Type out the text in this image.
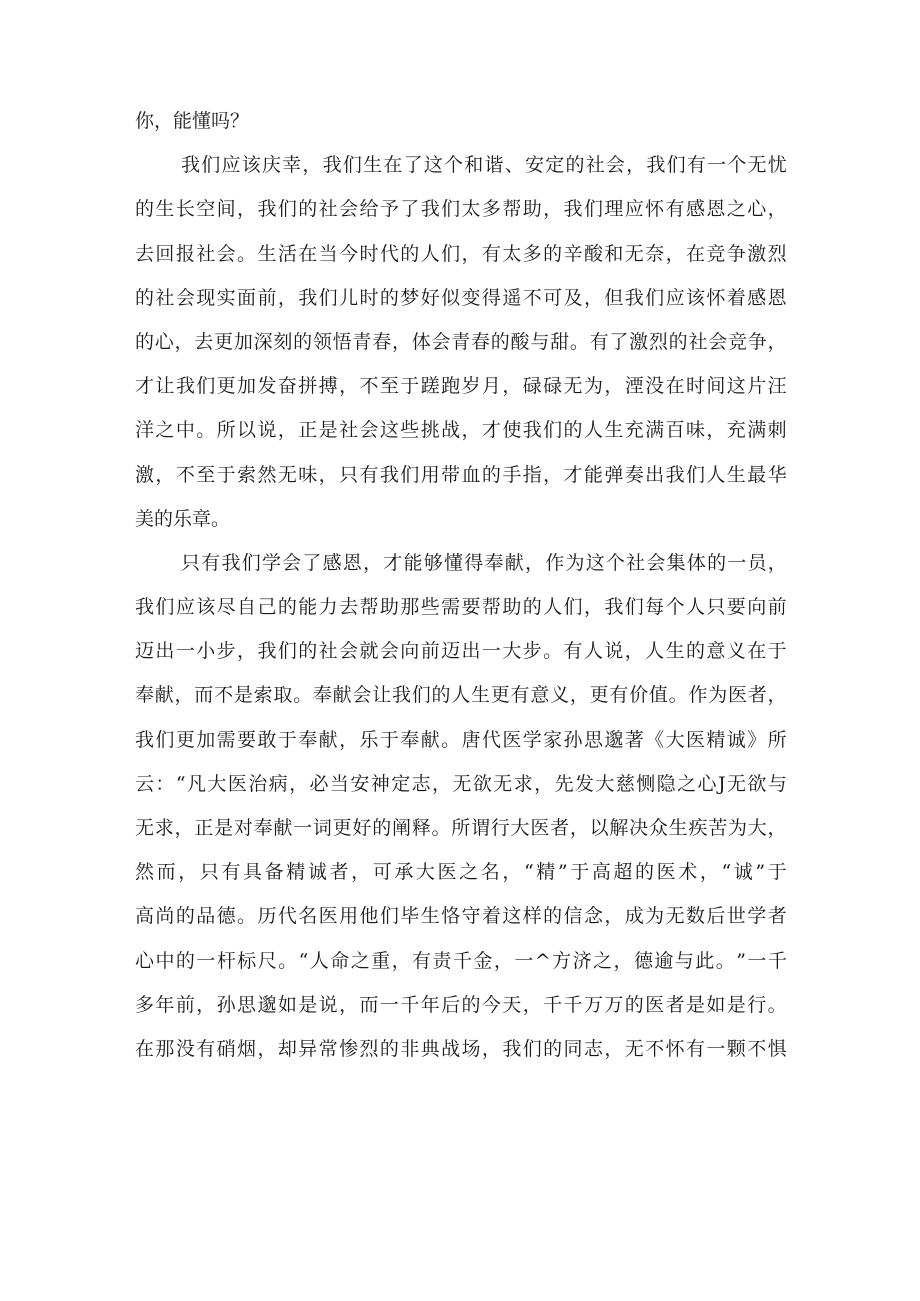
你，能懂吗？
我 们 应 该 庆 幸 ， 我 们 生 在 了 这 个 和 谐 、 安 定 的 社 会 ， 我 们 有 一 个 无 忧
的 生 长 空 间 ， 我 们 的 社 会 给 予 了 我 们 太 多 帮 助 ， 我 们 理 应 怀 有 感 恩 之 心 ，
去 回 报 社 会 。 生 活 在 当 今 时 代 的 人 们 ， 有 太 多 的 辛 酸 和 无 奈 ， 在 竞 争 激 烈
的 社 会 现 实 面 前 ， 我 们 儿 时 的 梦 好 似 变 得 遥 不 可 及 ， 但 我 们 应 该 怀 着 感 恩
的 心 ， 去 更 加 深 刻 的 领 悟 青 春 ， 体 会 青 春 的 酸 与 甜 。 有 了 激 烈 的 社 会 竞 争 ，
才 让 我 们 更 加 发 奋 拼 搏 ， 不 至 于 蹉 跑 岁 月 ， 碌 碌 无 为 ， 湮 没 在 时 间 这 片 汪
洋 之 中 。 所 以 说 ， 正 是 社 会 这 些 挑 战 ， 才 使 我 们 的 人 生 充 满 百 味 ， 充 满 刺
激 ， 不 至 于 索 然 无 味 ， 只 有 我 们 用 带 血 的 手 指 ， 才 能 弹 奏 出 我 们 人 生 最 华
美的乐章。
只 有 我 们 学 会 了 感 恩 ， 才 能 够 懂 得 奉 献 ， 作 为 这 个 社 会 集 体 的 一 员 ，
我 们 应 该 尽 自 己 的 能 力 去 帮 助 那 些 需 要 帮 助 的 人 们 ， 我 们 每 个 人 只 要 向 前
迈 出 一 小 步 ， 我 们 的 社 会 就 会 向 前 迈 出 一 大 步 。 有 人 说 ， 人 生 的 意 义 在 于
奉 献 ， 而 不 是 索 取 。 奉 献 会 让 我 们 的 人 生 更 有 意 义 ， 更 有 价 值 。 作 为 医 者 ，
我 们 更 加 需 要 敢 于 奉 献 ， 乐 于 奉 献 。 唐 代 医 学 家 孙 思 邈 著 《 大 医 精 诚 》 所
云 ： “ 凡 大 医 治 病 ， 必 当 安 神 定 志 ， 无 欲 无 求 ， 先 发 大 慈 恻 隐 之 心 J 无 欲 与
无 求 ， 正 是 对 奉 献 一 词 更 好 的 阐 释 。 所 谓 行 大 医 者 ， 以 解 决 众 生 疾 苦 为 大 ，
然 而 ， 只 有 具 备 精 诚 者 ， 可 承 大 医 之 名 ， “ 精 ” 于 高 超 的 医 术 ， “ 诚 ” 于
高 尚 的 品 德 。 历 代 名 医 用 他 们 毕 生 恪 守 着 这 样 的 信 念 ， 成 为 无 数 后 世 学 者
心 中 的 一 杆 标 尺 。 “ 人 命 之 重 ， 有 责 千 金 ， 一 ^ 方 济 之 ， 德 逾 与 此 。 ” 一 千
多 年 前 ， 孙 思 邈 如 是 说 ， 而 一 千 年 后 的 今 天 ， 千 千 万 万 的 医 者 是 如 是 行 。
在 那 没 有 硝 烟 ， 却 异 常 惨 烈 的 非 典 战 场 ， 我 们 的 同 志 ， 无 不 怀 有 一 颗 不 惧
